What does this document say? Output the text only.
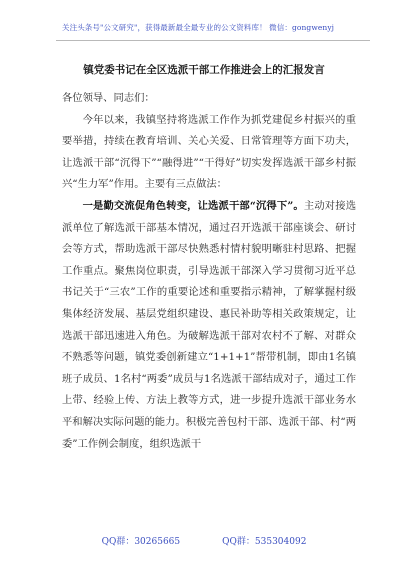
关注头条号"公文研究"，获得最新最全最专业的公文资料库！ 微信：gongwenyj
镇党委书记在全区选派干部工作推进会上的汇报发言

各位领导、同志们：

今年以来，我镇坚持将选派工作作为抓党建促乡村振兴的重要举措，持续在教育培训、关心关爱、日常管理等方面下功夫，让选派干部“沉得下”“融得进”“干得好”切实发挥选派干部乡村振兴“生力军”作用。主要有三点做法：

一是勤交流促角色转变，让选派干部“沉得下”。主动对接选派单位了解选派干部基本情况，通过召开选派干部座谈会、研讨会等方式，帮助选派干部尽快熟悉村情村貌明晰驻村思路、把握工作重点。聚焦岗位职责，引导选派干部深入学习贯彻习近平总书记关于“三农”工作的重要论述和重要指示精神，了解掌握村级集体经济发展、基层党组织建设、惠民补助等相关政策规定，让选派干部迅速进入角色。为破解选派干部对农村不了解、对群众不熟悉等问题，镇党委创新建立“1+1+1”帮带机制，即由1名镇班子成员、1名村“两委”成员与1名选派干部结成对子，通过工作上带、经验上传、方法上教等方式，进一步提升选派干部业务水平和解决实际问题的能力。积极完善包村干部、选派干部、村“两委”工作例会制度，组织选派干

QQ群：30265665	QQ群：535304092
